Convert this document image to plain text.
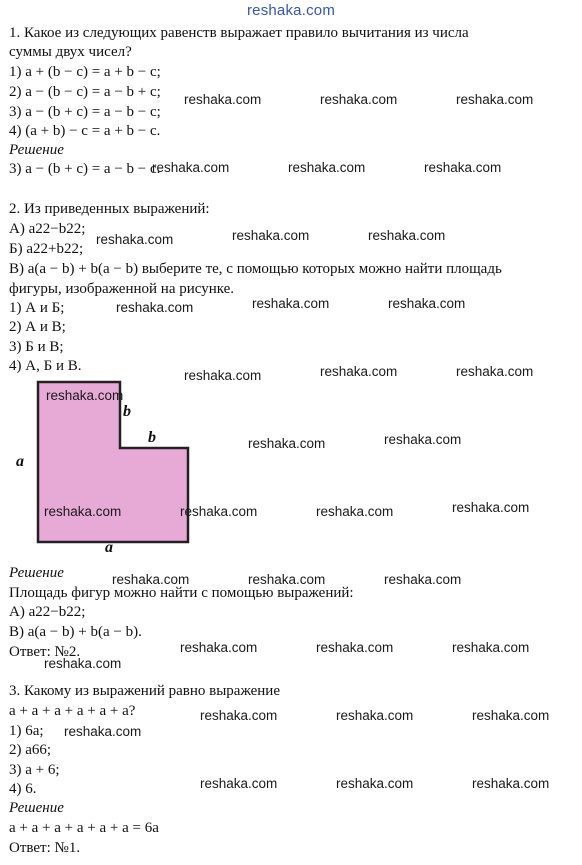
reshaka.com
1. Какое из следующих равенств выражает правило вычитания из числа
суммы двух чисел?
1) a + (b − c) = a + b − c;
2) a − (b − c) = a − b + c;
3) a − (b + c) = a − b − c;
4) (a + b) − c = a + b − c.
Решение
3) a − (b + c) = a − b − c.
2. Из приведенных выражений:
А) a22−b22;
Б) a22+b22;
В) a(a − b) + b(a − b) выберите те, с помощью которых можно найти площадь
фигуры, изображенной на рисунке.
1) А и Б;
2) А и В;
3) Б и В;
4) А, Б и В.
a
b
b
a
Решение
Площадь фигур можно найти с помощью выражений:
А) a22−b22;
В) a(a − b) + b(a − b).
Ответ: №2.
3. Какому из выражений равно выражение
a + a + a + a + a + a?
1) 6a;
2) a66;
3) a + 6;
4) 6.
Решение
a + a + a + a + a + a = 6a
Ответ: №1.
reshaka.com	reshaka.com	reshaka.com
reshaka.com	reshaka.com	reshaka.com
reshaka.com	reshaka.com	reshaka.com
reshaka.com	reshaka.com	reshaka.com
reshaka.com	reshaka.com	reshaka.com
reshaka.com
reshaka.com	reshaka.com
reshaka.com	reshaka.com	reshaka.com	reshaka.com
reshaka.com	reshaka.com	reshaka.com
reshaka.com	reshaka.com	reshaka.com
reshaka.com
reshaka.com
reshaka.com	reshaka.com	reshaka.com
reshaka.com	reshaka.com	reshaka.com
